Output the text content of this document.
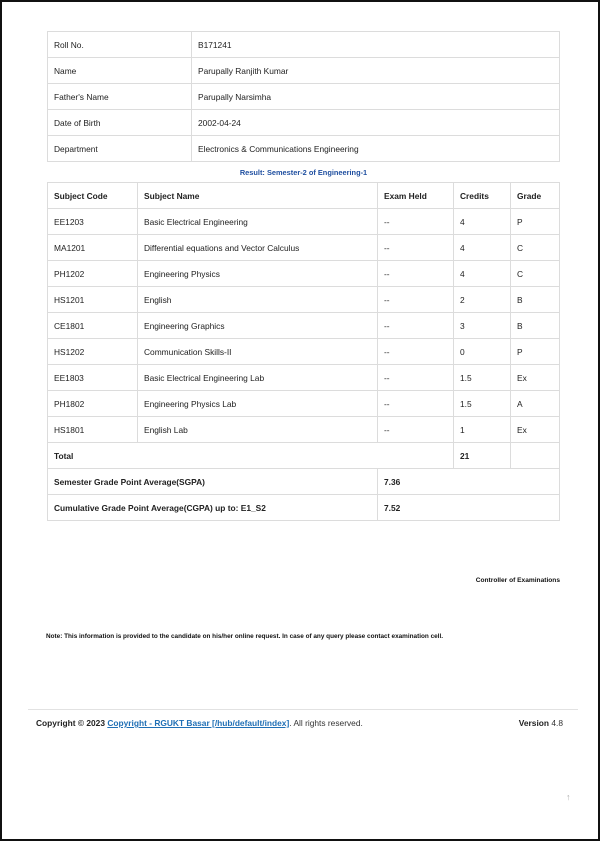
Roll No.	B171241
Name	Parupally Ranjith Kumar
Father's Name	Parupally Narsimha
Date of Birth	2002-04-24
Department	Electronics & Communications Engineering
Result: Semester-2 of Engineering-1
Subject Code	Subject Name	Exam Held	Credits	Grade
EE1203	Basic Electrical Engineering	--	4	P
MA1201	Differential equations and Vector Calculus	--	4	C
PH1202	Engineering Physics	--	4	C
HS1201	English	--	2	B
CE1801	Engineering Graphics	--	3	B
HS1202	Communication Skills-II	--	0	P
EE1803	Basic Electrical Engineering Lab	--	1.5	Ex
PH1802	Engineering Physics Lab	--	1.5	A
HS1801	English Lab	--	1	Ex
Total			21	
Semester Grade Point Average(SGPA)		7.36		
Cumulative Grade Point Average(CGPA) up to: E1_S2		7.52		
Controller of Examinations
Note: This information is provided to the candidate on his/her online request. In case of any query please contact examination cell.
Copyright © 2023 Copyright - RGUKT Basar [/hub/default/index]. All rights reserved.	Version 4.8
↑
